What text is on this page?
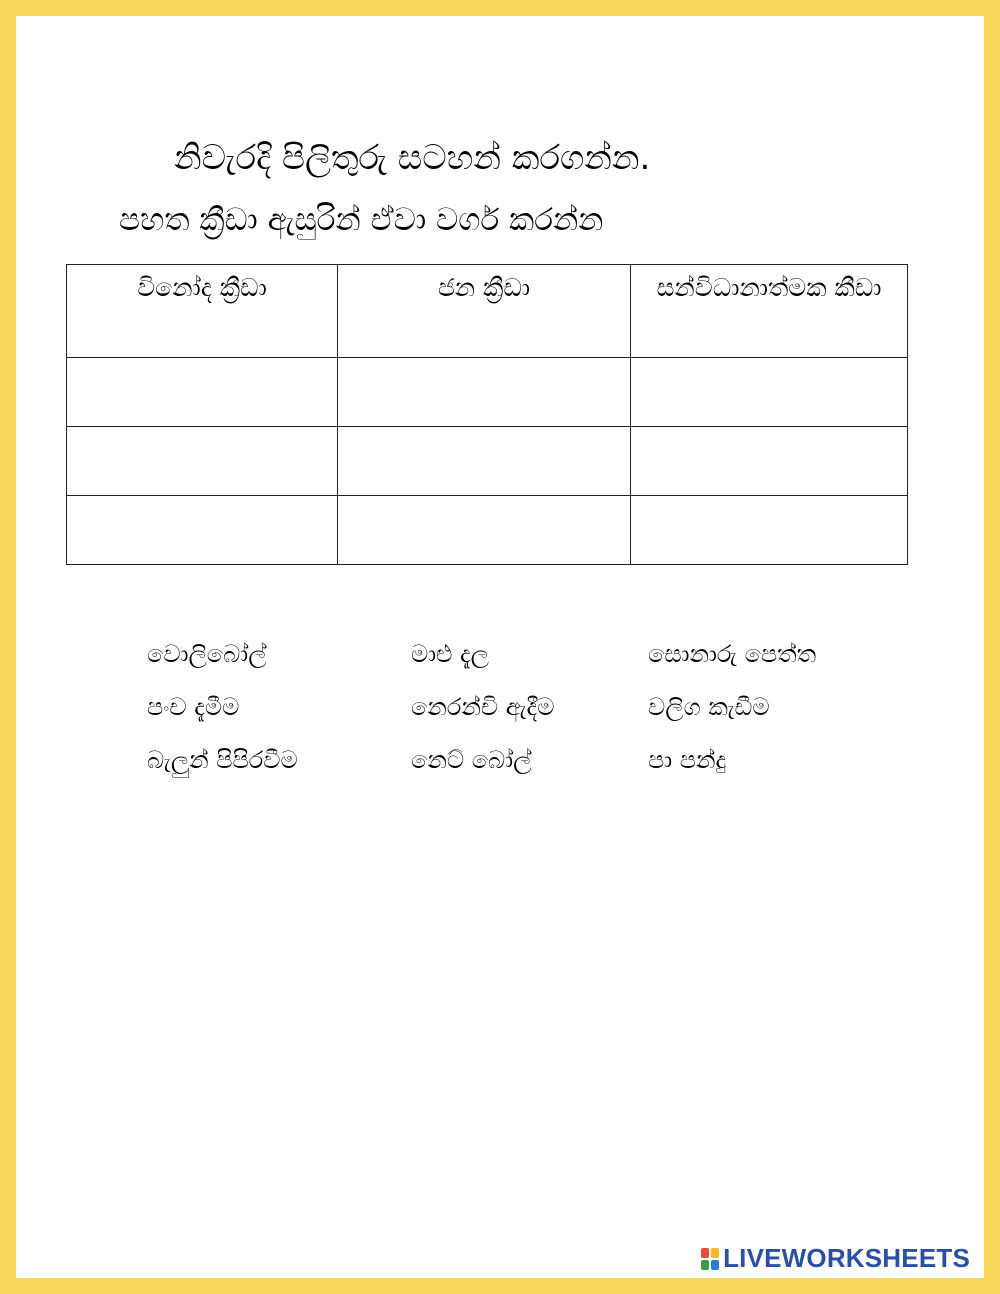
නිවැරදි පිලිතුරු සටහන් කරගන්න.
පහත ක්‍රීඩා ඇසුරින් ඒවා වර්ග කරන්න
විනෝද ක්‍රීඩා	ජන ක්‍රීඩා	සන්විධානාත්මක කීඩා

වොලිබෝල්	මාළු දැල	සොනාරු පෙත්ත
පංච දැමීම	නෙරන්චි ඇදීම	වලිග කැඩීම
බැලුන් පිපිරවීම	නෙට් බෝල්	පා පන්දු
LIVEWORKSHEETS
